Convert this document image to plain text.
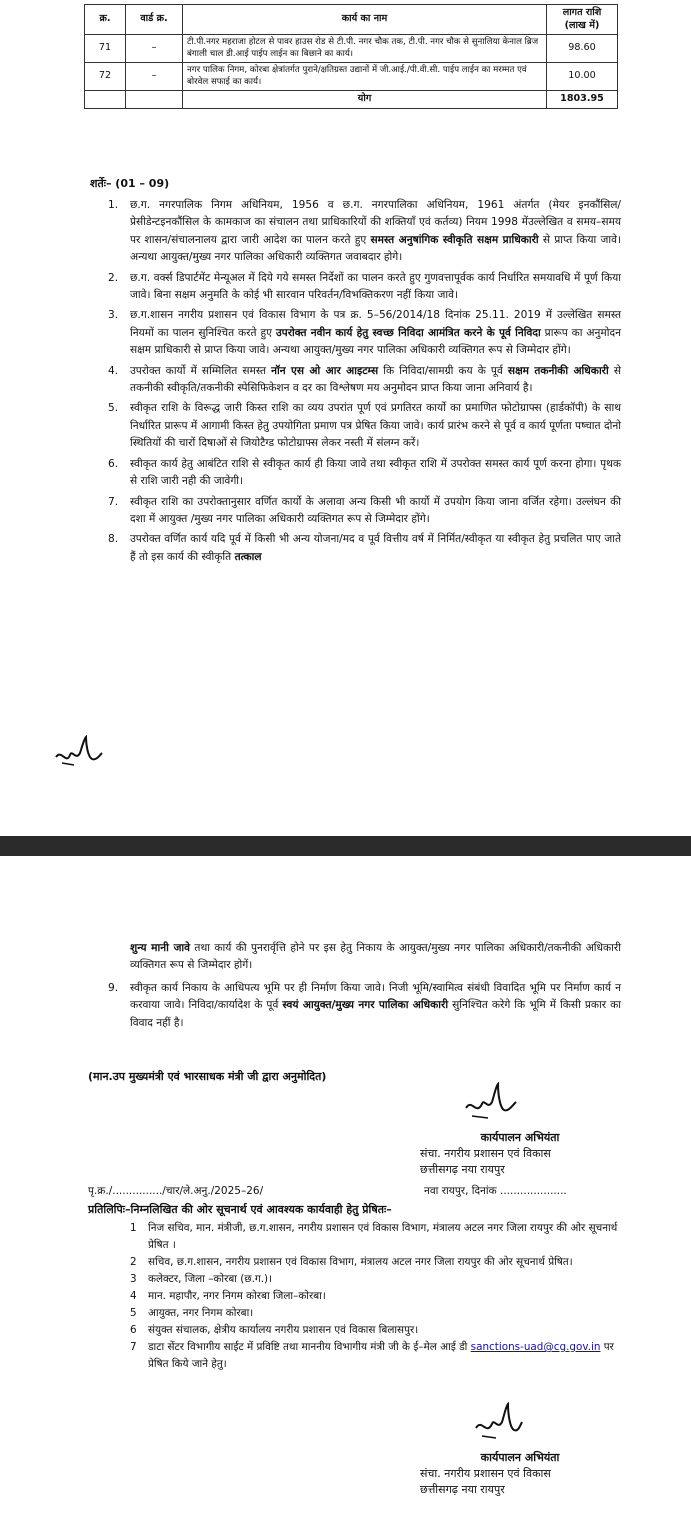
क्र.	वार्ड क्र.	कार्य का नाम	लागत राशि (लाख में)
71	–	टी.पी.नगर महराजा होटल से पावर हाउस रोड से टी.पी. नगर चौक तक, टी.पी. नगर चौक से सुनालिया केनाल ब्रिज बंगाली चाल डी.आई पाईप लाईन का बिछाने का कार्य।	98.60
72	–	नगर पालिक निगम, कोरबा क्षेत्रांतर्गत पुराने/क्षतिग्रस्त उद्यानों में जी.आई./पी.वी.सी. पाईप लाईन का मरम्मत एवं बोरवेल सफाई का कार्य।	10.00
		योग	1803.95
शर्तेः– (01 – 09)
1.	छ.ग. नगरपालिक निगम अधिनियम, 1956 व छ.ग. नगरपालिका अधिनियम, 1961 अंतर्गत (मेयर इनकौंसिल/प्रेसीडेन्टइनकौंसिल के कामकाज का संचालन तथा प्राधिकारियों की शक्तियाँ एवं कर्तव्य) नियम 1998 मेंउल्लेखित व समय–समय पर शासन/संचालनालय द्वारा जारी आदेश का पालन करते हुए समस्त अनुषांगिक स्वीकृति सक्षम प्राधिकारी से प्राप्त किया जावे। अन्यथा आयुक्त/मुख्य नगर पालिका अधिकारी व्यक्तिगत जवाबदार होगे।
2.	छ.ग. वर्क्स डिपार्टमेंट मेन्यूअल में दिये गये समस्त निर्देशों का पालन करते हुए गुणवत्तापूर्वक कार्य निर्धारित समयावधि में पूर्ण किया जावे। बिना सक्षम अनुमति के कोई भी सारवान परिवर्तन/विभक्तिकरण नहीं किया जावे।
3.	छ.ग.शासन नगरीय प्रशासन एवं विकास विभाग के पत्र क्र. 5–56/2014/18 दिनांक 25.11. 2019 में उल्लेखित समस्त नियमों का पालन सुनिश्चित करते हुए उपरोक्त नवीन कार्य हेतु स्वच्छ निविदा आमंत्रित करने के पूर्व निविदा प्रारूप का अनुमोदन सक्षम प्राधिकारी से प्राप्त किया जावे। अन्यथा आयुक्त/मुख्य नगर पालिका अधिकारी व्यक्तिगत रूप से जिम्मेदार होंगे।
4.	उपरोक्त कार्यो में सम्मिलित समस्त नॉन एस ओ आर आइटम्स कि निविदा/सामग्री कय के पूर्व सक्षम तकनीकी अधिकारी से तकनीकी स्वीकृति/तकनीकी स्पेसिफिकेशन व दर का विश्लेषण मय अनुमोदन प्राप्त किया जाना अनिवार्य है।
5.	स्वीकृत राशि के विरूद्ध जारी किस्त राशि का व्यय उपरांत पूर्ण एवं प्रगतिरत कार्यो का प्रमाणित फोटोग्राफ्स (हार्डकॉपी) के साथ निर्धारित प्रारूप में आगामी किस्त हेतु उपयोगिता प्रमाण पत्र प्रेषित किया जावे। कार्य प्रारंभ करने से पूर्व व कार्य पूर्णता पष्चात दोनो स्थितियों की चारों दिषाओं से जियोटैग्ड फोटोग्राफ्स लेकर नस्ती में संलग्न करें।
6.	स्वीकृत कार्य हेतु आबंटित राशि से स्वीकृत कार्य ही किया जावे तथा स्वीकृत राशि में उपरोक्त समस्त कार्य पूर्ण करना होगा। पृथक से राशि जारी नही की जावेगी।
7.	स्वीकृत राशि का उपरोक्तानुसार वर्णित कार्यो के अलावा अन्य किसी भी कार्यो में उपयोग किया जाना वर्जित रहेगा। उल्लंघन की दशा में आयुक्त /मुख्य नगर पालिका अधिकारी व्यक्तिगत रूप से जिम्मेदार होंगे।
8.	उपरोक्त वर्णित कार्य यदि पूर्व में किसी भी अन्य योजना/मद व पूर्व वित्तीय वर्ष में निर्मित/स्वीकृत या स्वीकृत हेतु प्रचलित पाए जाते हैं तो इस कार्य की स्वीकृति तत्काल
शुन्य मानी जावे तथा कार्य की पुनरार्वृत्ति होने पर इस हेतु निकाय के आयुक्त/मुख्य नगर पालिका अधिकारी/तकनीकी अधिकारी व्यक्तिगत रूप से जिम्मेदार होगें।
9.	स्वीकृत कार्य निकाय के आधिपत्य भूमि पर ही निर्माण किया जावे। निजी भूमि/स्वामित्व संबंधी विवादित भूमि पर निर्माण कार्य न करवाया जावे। निविदा/कार्यादेश के पूर्व स्वयं आयुक्त/मुख्य नगर पालिका अधिकारी सुनिश्चित करेगे कि भूमि में किसी प्रकार का विवाद नहीं है।
(मान.उप मुख्यमंत्री एवं भारसाधक मंत्री जी द्वारा अनुमोदित)
कार्यपालन अभियंता
संचा. नगरीय प्रशासन एवं विकास
छत्तीसगढ़ नया रायपुर
पृ.क्र./.............../चार/ले.अनु./2025–26/	नवा रायपुर, दिनांक ....................
प्रतिलिपिः–निम्नलिखित की ओर सूचनार्थ एवं आवश्यक कार्यवाही हेतु प्रेषितः–
1	निज सचिव, मान. मंत्रीजी, छ.ग.शासन, नगरीय प्रशासन एवं विकास विभाग, मंत्रालय अटल नगर जिला रायपुर की ओर सूचनार्थ प्रेषित ।
2	सचिव, छ.ग.शासन, नगरीय प्रशासन एवं विकास विभाग, मंत्रालय अटल नगर जिला रायपुर की ओर सूचनार्थ प्रेषित।
3	कलेक्टर, जिला –कोरबा (छ.ग.)।
4	मान. महापौर, नगर निगम कोरबा जिला–कोरबा।
5	आयुक्त, नगर निगम कोरबा।
6	संयुक्त संचालक, क्षेत्रीय कार्यालय नगरीय प्रशासन एवं विकास बिलासपुर।
7	डाटा सेंटर विभागीय साईट में प्रविष्टि तथा माननीय विभागीय मंत्री जी के ई–मेल आई डी sanctions-uad@cg.gov.in पर प्रेषित किये जाने हेतु।
कार्यपालन अभियंता
संचा. नगरीय प्रशासन एवं विकास
छत्तीसगढ़ नया रायपुर
